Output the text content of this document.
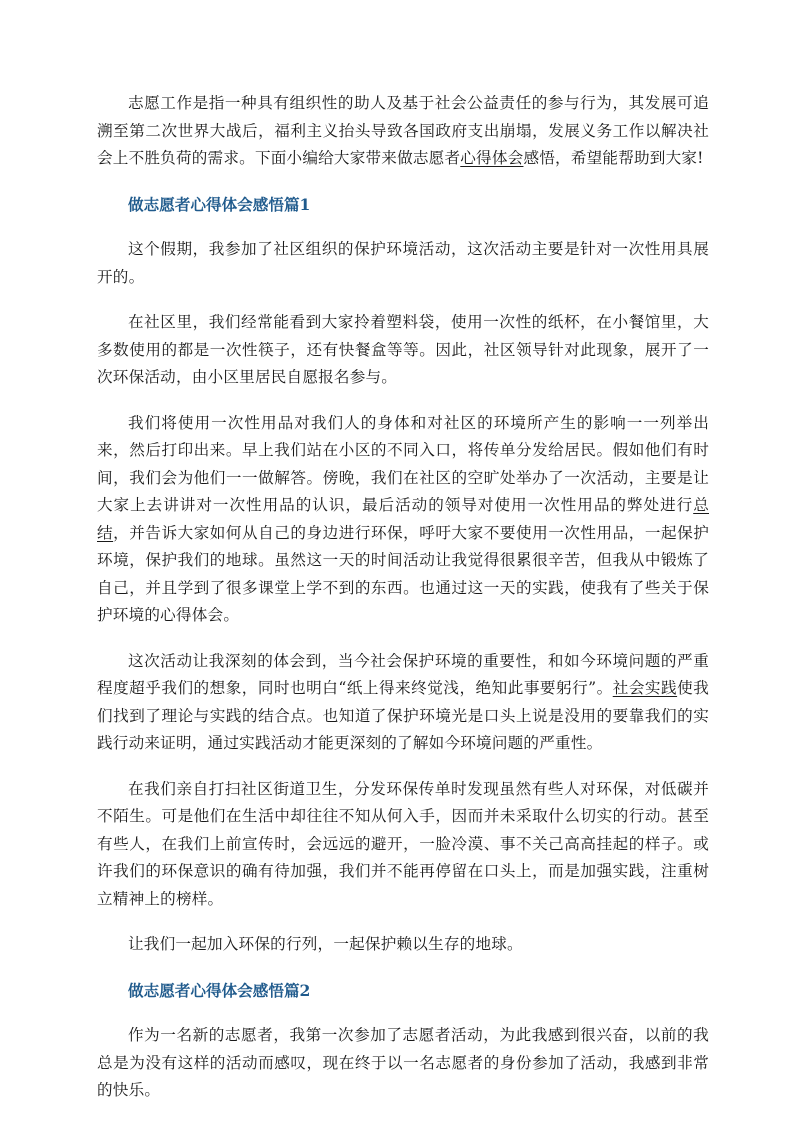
志愿工作是指一种具有组织性的助人及基于社会公益责任的参与行为，其发展可追溯至第二次世界大战后，福利主义抬头导致各国政府支出崩塌，发展义务工作以解决社会上不胜负荷的需求。下面小编给大家带来做志愿者心得体会感悟，希望能帮助到大家!

做志愿者心得体会感悟篇1

这个假期，我参加了社区组织的保护环境活动，这次活动主要是针对一次性用具展开的。

在社区里，我们经常能看到大家拎着塑料袋，使用一次性的纸杯，在小餐馆里，大多数使用的都是一次性筷子，还有快餐盒等等。因此，社区领导针对此现象，展开了一次环保活动，由小区里居民自愿报名参与。

我们将使用一次性用品对我们人的身体和对社区的环境所产生的影响一一列举出来，然后打印出来。早上我们站在小区的不同入口，将传单分发给居民。假如他们有时间，我们会为他们一一做解答。傍晚，我们在社区的空旷处举办了一次活动，主要是让大家上去讲讲对一次性用品的认识，最后活动的领导对使用一次性用品的弊处进行总结，并告诉大家如何从自己的身边进行环保，呼吁大家不要使用一次性用品，一起保护环境，保护我们的地球。虽然这一天的时间活动让我觉得很累很辛苦，但我从中锻炼了自己，并且学到了很多课堂上学不到的东西。也通过这一天的实践，使我有了些关于保护环境的心得体会。

这次活动让我深刻的体会到，当今社会保护环境的重要性，和如今环境问题的严重程度超乎我们的想象，同时也明白“纸上得来终觉浅，绝知此事要躬行”。社会实践使我们找到了理论与实践的结合点。也知道了保护环境光是口头上说是没用的要靠我们的实践行动来证明，通过实践活动才能更深刻的了解如今环境问题的严重性。

在我们亲自打扫社区街道卫生，分发环保传单时发现虽然有些人对环保，对低碳并不陌生。可是他们在生活中却往往不知从何入手，因而并未采取什么切实的行动。甚至有些人，在我们上前宣传时，会远远的避开，一脸冷漠、事不关己高高挂起的样子。或许我们的环保意识的确有待加强，我们并不能再停留在口头上，而是加强实践，注重树立精神上的榜样。

让我们一起加入环保的行列，一起保护赖以生存的地球。

做志愿者心得体会感悟篇2

作为一名新的志愿者，我第一次参加了志愿者活动，为此我感到很兴奋，以前的我总是为没有这样的活动而感叹，现在终于以一名志愿者的身份参加了活动，我感到非常的快乐。
